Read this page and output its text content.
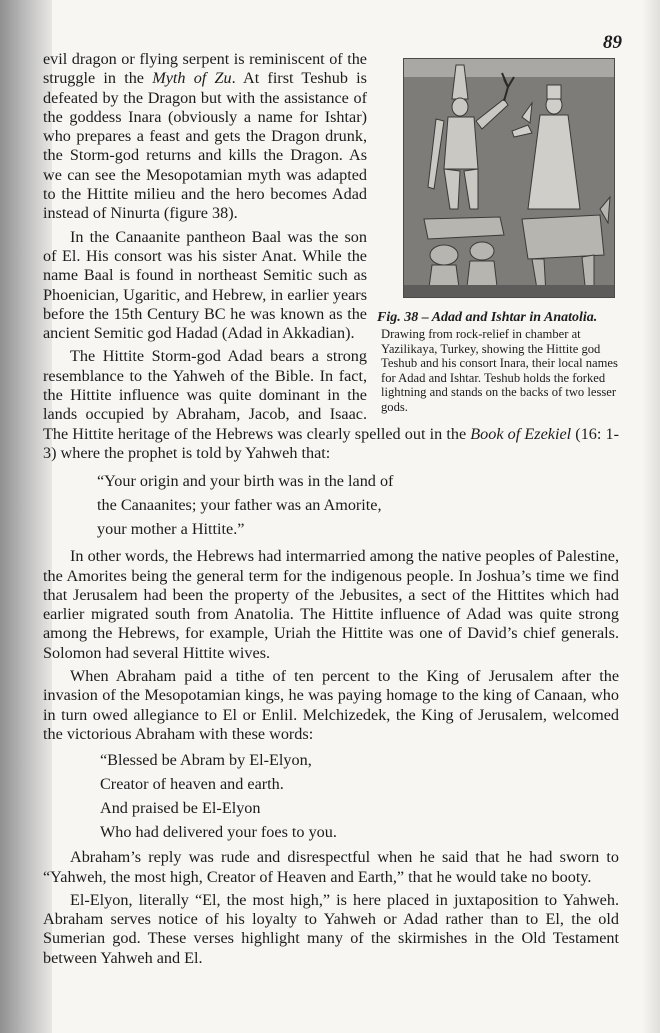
89
Fig. 38 – Adad and Ishtar in Anatolia.
Drawing from rock-relief in chamber at Yazilikaya, Turkey, showing the Hittite god Teshub and his consort Inara, their local names for Adad and Ishtar. Teshub holds the forked lightning and stands on the backs of two lesser gods.

evil dragon or flying serpent is reminiscent of the struggle in the Myth of Zu. At first Teshub is defeated by the Dragon but with the assistance of the goddess Inara (obviously a name for Ishtar) who prepares a feast and gets the Dragon drunk, the Storm-god returns and kills the Dragon. As we can see the Mesopotamian myth was adapted to the Hittite milieu and the hero becomes Adad instead of Ninurta (figure 38).

In the Canaanite pantheon Baal was the son of El. His consort was his sister Anat. While the name Baal is found in northeast Semitic such as Phoenician, Ugaritic, and Hebrew, in earlier years before the 15th Century BC he was known as the ancient Semitic god Hadad (Adad in Akkadian).

The Hittite Storm-god Adad bears a strong resemblance to the Yahweh of the Bible. In fact, the Hittite influence was quite dominant in the lands occupied by Abraham, Jacob, and Isaac. The Hittite heritage of the Hebrews was clearly spelled out in the Book of Ezekiel (16: 1-3) where the prophet is told by Yahweh that:

“Your origin and your birth was in the land of
the Canaanites; your father was an Amorite,
your mother a Hittite.”

In other words, the Hebrews had intermarried among the native peoples of Palestine, the Amorites being the general term for the indigenous people. In Joshua’s time we find that Jerusalem had been the property of the Jebusites, a sect of the Hittites which had earlier migrated south from Anatolia. The Hittite influence of Adad was quite strong among the Hebrews, for example, Uriah the Hittite was one of David’s chief generals. Solomon had several Hittite wives.

When Abraham paid a tithe of ten percent to the King of Jerusalem after the invasion of the Mesopotamian kings, he was paying homage to the king of Canaan, who in turn owed allegiance to El or Enlil. Melchizedek, the King of Jerusalem, welcomed the victorious Abraham with these words:

“Blessed be Abram by El-Elyon,
Creator of heaven and earth.
And praised be El-Elyon
Who had delivered your foes to you.

Abraham’s reply was rude and disrespectful when he said that he had sworn to “Yahweh, the most high, Creator of Heaven and Earth,” that he would take no booty.

El-Elyon, literally “El, the most high,” is here placed in juxtaposition to Yahweh. Abraham serves notice of his loyalty to Yahweh or Adad rather than to El, the old Sumerian god. These verses highlight many of the skirmishes in the Old Testament between Yahweh and El.
